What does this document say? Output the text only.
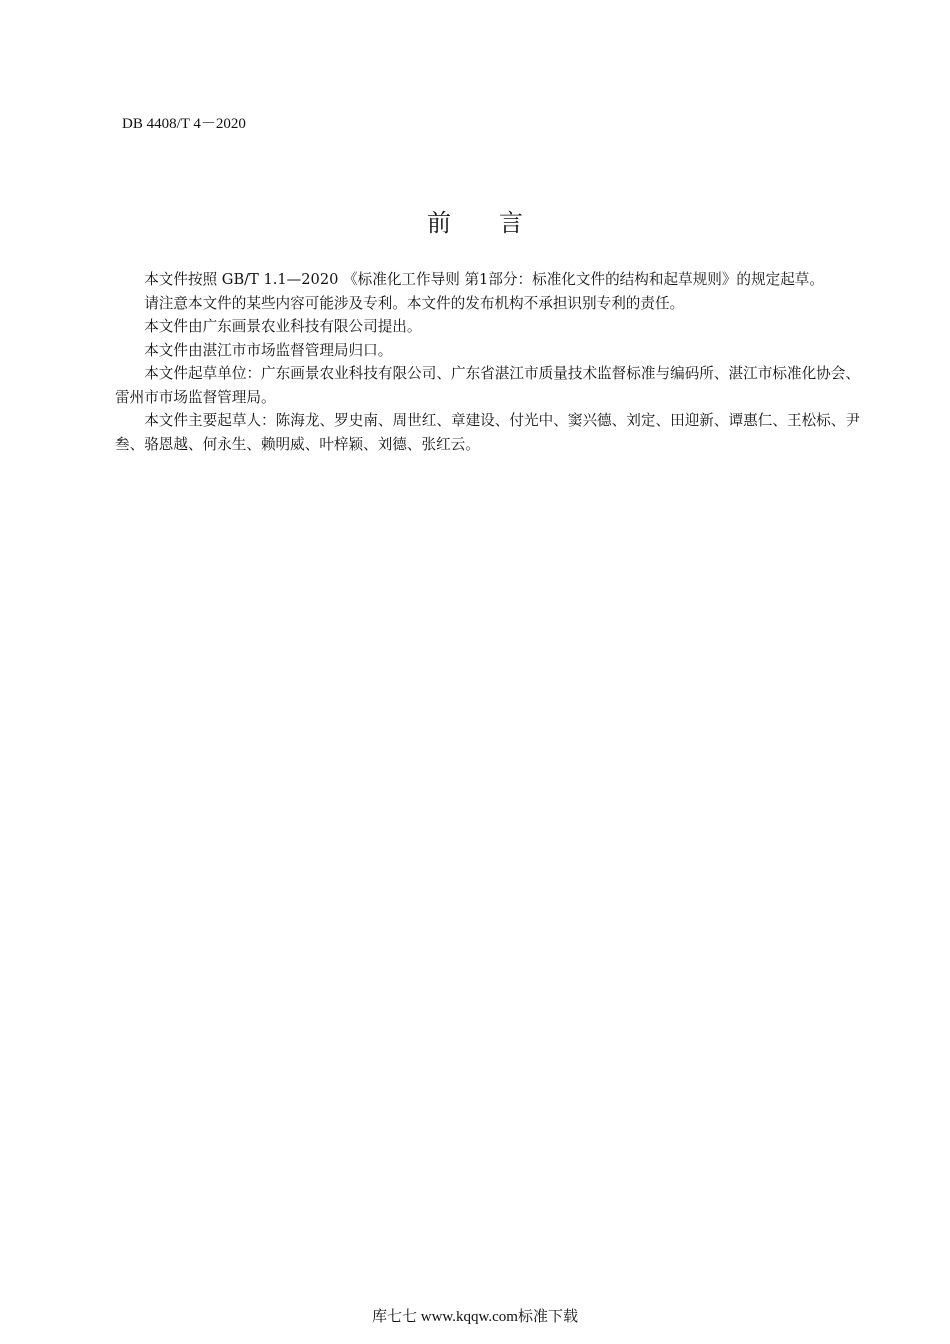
DB 4408/T 4－2020
前　　言

本文件按照 GB/T 1.1—2020 《标准化工作导则 第1部分：标准化文件的结构和起草规则》的规定起草。

请注意本文件的某些内容可能涉及专利。本文件的发布机构不承担识别专利的责任。

本文件由广东画景农业科技有限公司提出。

本文件由湛江市市场监督管理局归口。

本文件起草单位：广东画景农业科技有限公司、广东省湛江市质量技术监督标准与编码所、湛江市标准化协会、雷州市市场监督管理局。

本文件主要起草人：陈海龙、罗史南、周世红、章建设、付光中、窦兴德、刘定、田迎新、谭惠仁、王松标、尹叁、骆恩越、何永生、赖明威、叶梓颖、刘德、张红云。

库七七 www.kqqw.com标准下载
